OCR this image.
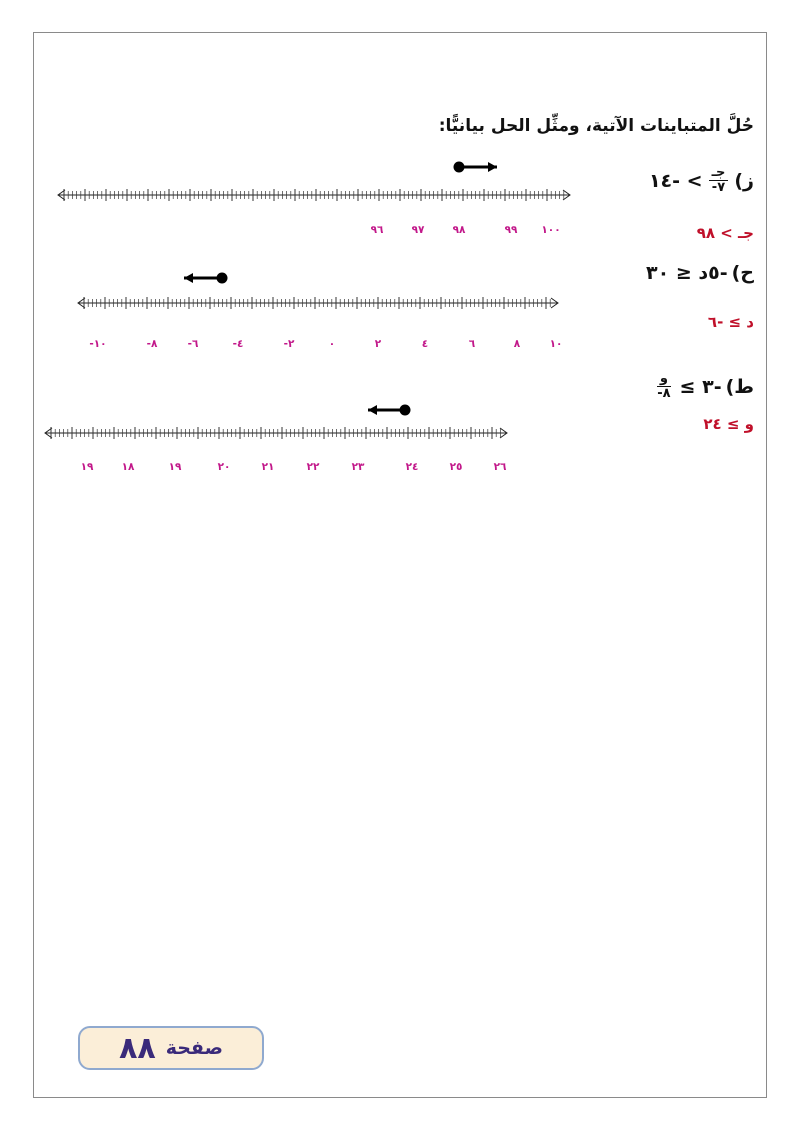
حُلَّ المتباينات الآتية، ومثِّل الحل بيانيًّا:
ز)
$\frac{\text{جـ}}{٧-}$
> -١٤
جـ > ٩٨
ح)
-٥د ≤ ٣٠
د ≥ -٦
ط)
-٣ ≥
$\frac{\text{و}}{٨-}$
و ≥ ٢٤
٩٦	٩٧	٩٨	٩٩ ١٠٠
-١٠	-٨	-٦	-٤	-٢	٠	٢	٤	٦	٨	١٠
١٩	١٨	١٩	٢٠	٢١	٢٢	٢٣	٢٤	٢٥	٢٦
صفحة
٨٨
